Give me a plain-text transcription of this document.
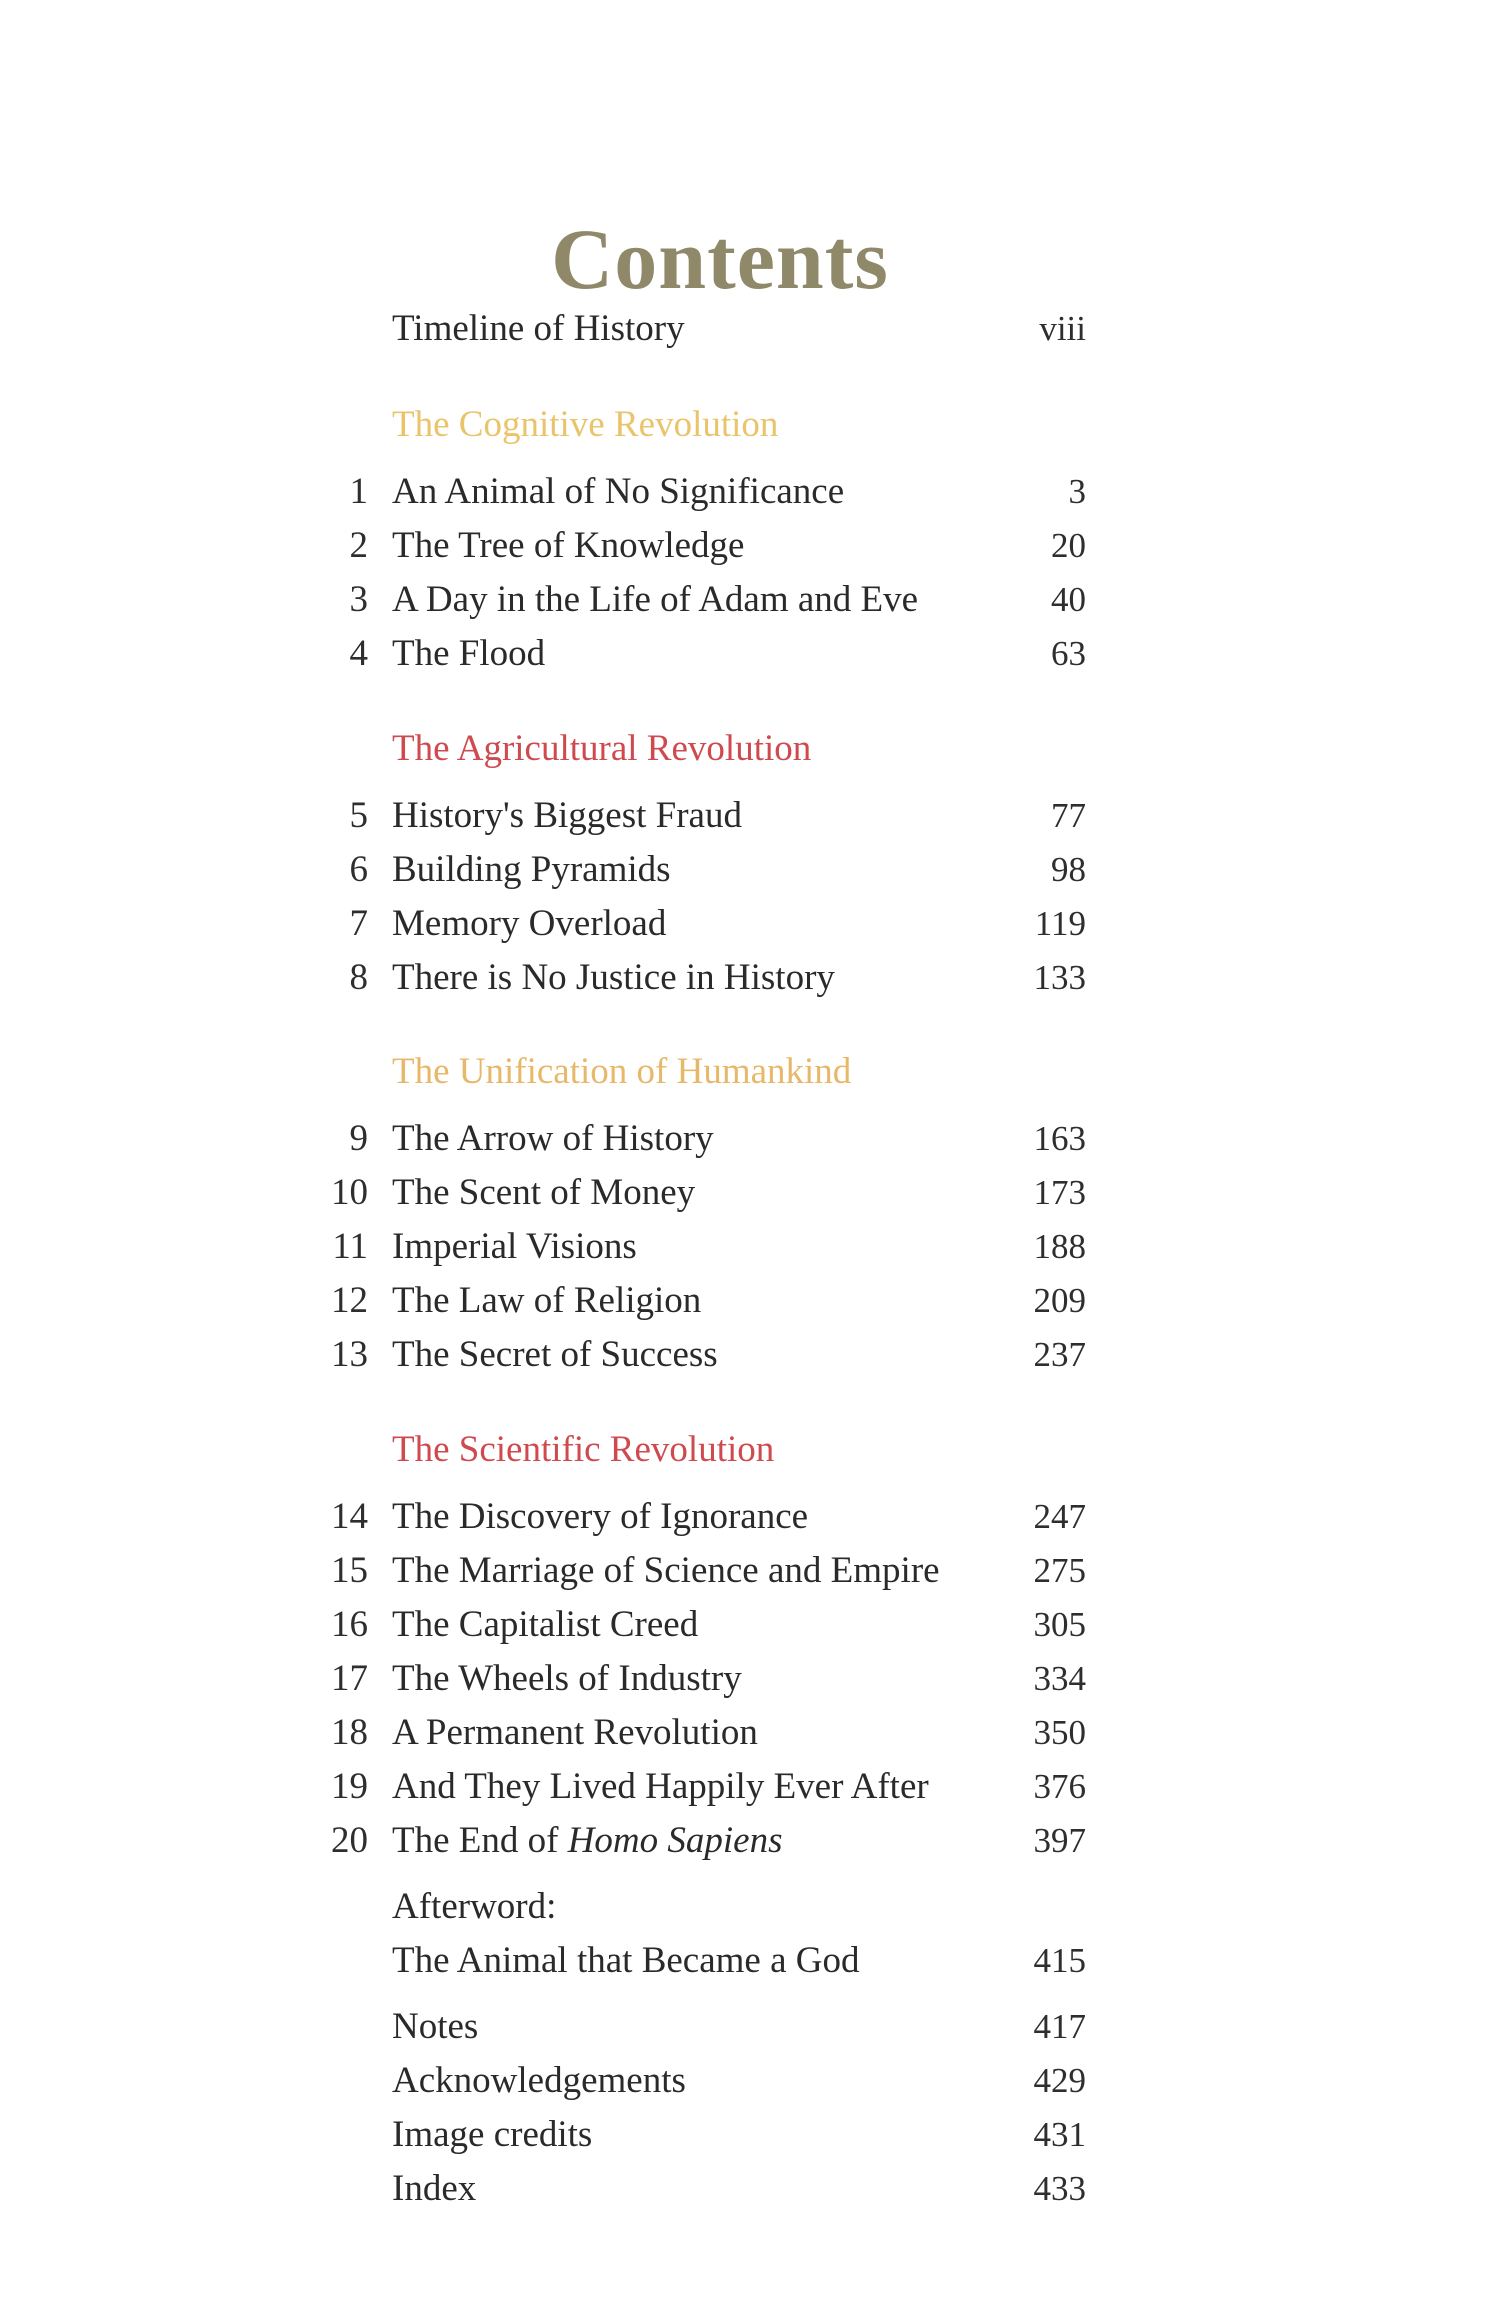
Contents
Timeline of History	viii
The Cognitive Revolution
1 An Animal of No Significance	3
2 The Tree of Knowledge	20
3 A Day in the Life of Adam and Eve	40
4 The Flood	63
The Agricultural Revolution
5 History's Biggest Fraud	77
6 Building Pyramids	98
7 Memory Overload	119
8 There is No Justice in History	133
The Unification of Humankind
9 The Arrow of History	163
10 The Scent of Money	173
11 Imperial Visions	188
12 The Law of Religion	209
13 The Secret of Success	237
The Scientific Revolution
14 The Discovery of Ignorance	247
15 The Marriage of Science and Empire	275
16 The Capitalist Creed	305
17 The Wheels of Industry	334
18 A Permanent Revolution	350
19 And They Lived Happily Ever After	376
20 The End of Homo Sapiens	397
Afterword:
The Animal that Became a God	415
Notes	417
Acknowledgements	429
Image credits	431
Index	433
